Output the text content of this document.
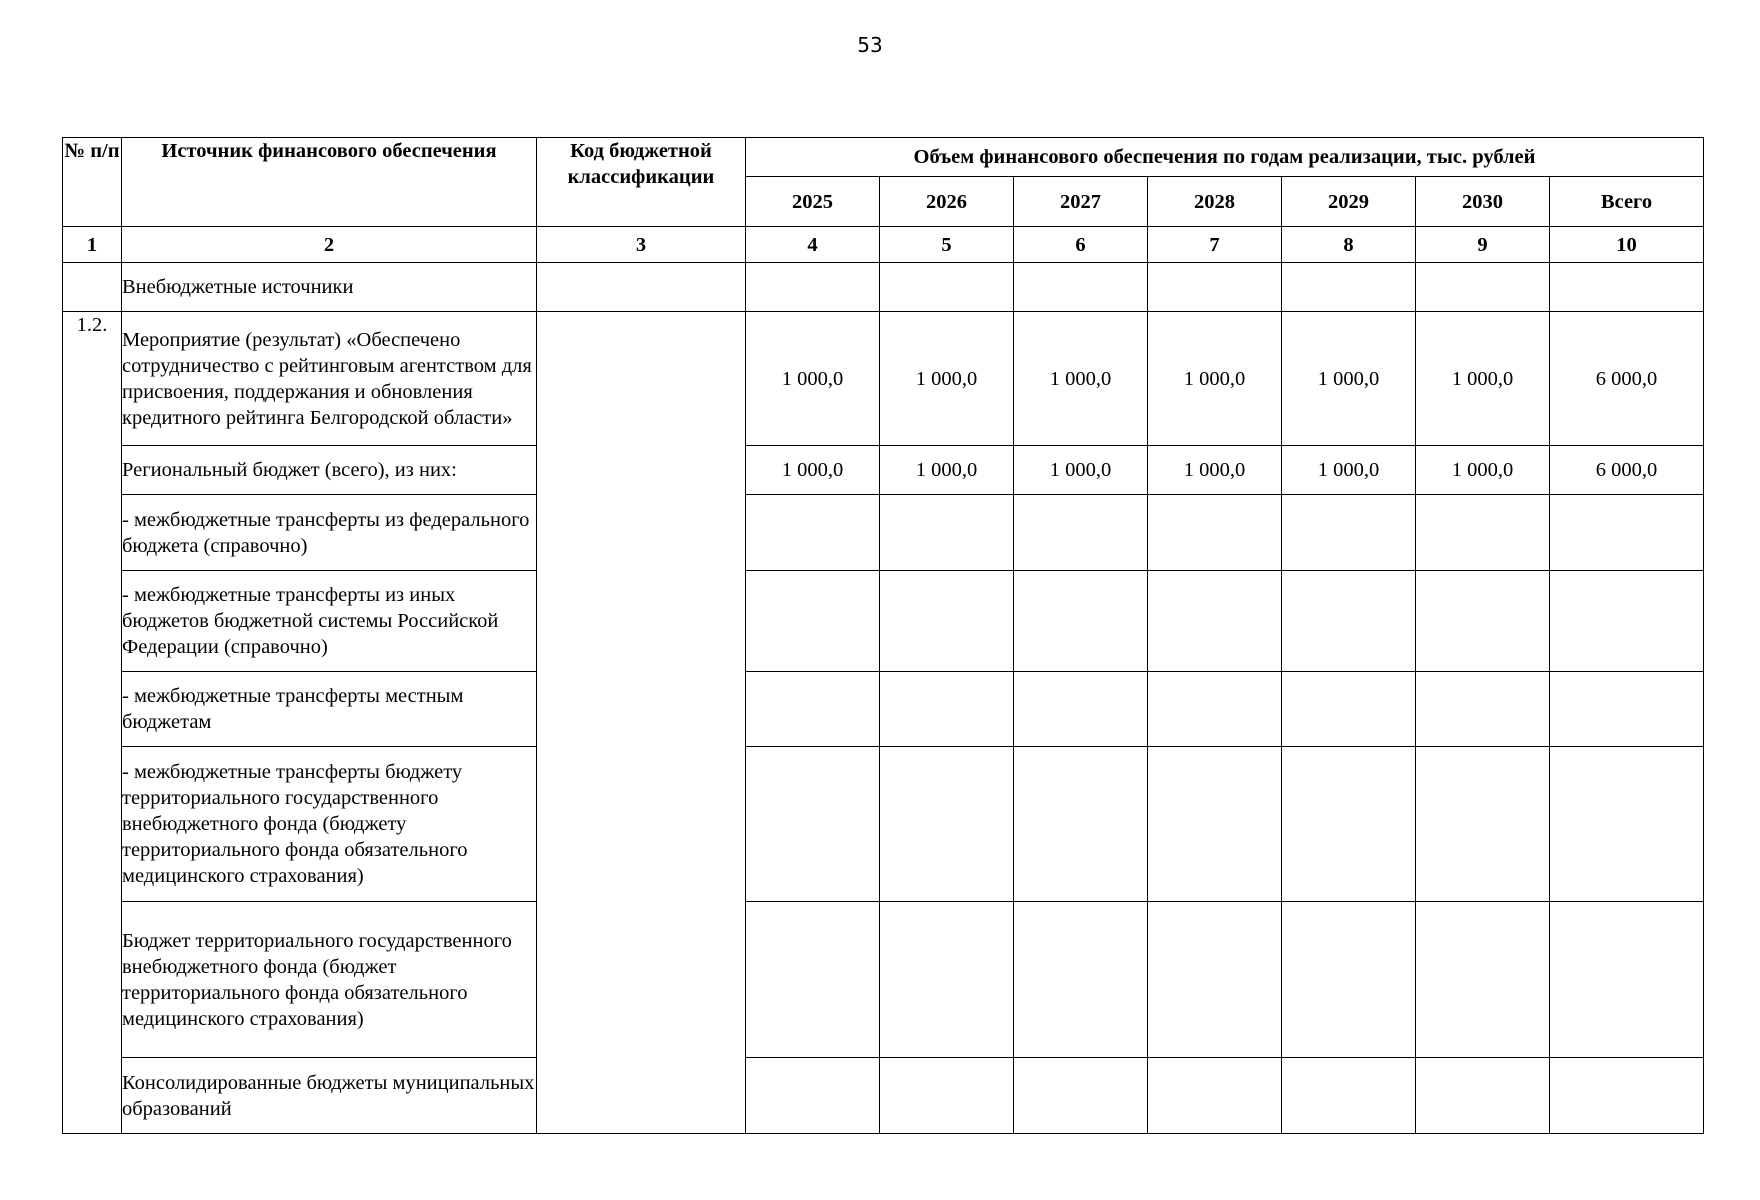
53
№ п/п	Источник финансового обеспечения	Код бюджетной классификации	Объем финансового обеспечения по годам реализации, тыс. рублей						
			2025	2026	2027	2028	2029	2030	Всего
1	2	3	4	5	6	7	8	9	10
	Внебюджетные источники								
1.2.	Мероприятие (результат) «Обеспечено сотрудничество с рейтинговым агентством для присвоения, поддержания и обновления кредитного рейтинга Белгородской области»		1 000,0	1 000,0	1 000,0	1 000,0	1 000,0	1 000,0	6 000,0
	Региональный бюджет (всего), из них:		1 000,0	1 000,0	1 000,0	1 000,0	1 000,0	1 000,0	6 000,0
	- межбюджетные трансферты из федерального бюджета (справочно)								
	- межбюджетные трансферты из иных бюджетов бюджетной системы Российской Федерации (справочно)								
	- межбюджетные трансферты местным бюджетам								
	- межбюджетные трансферты бюджету территориального государственного внебюджетного фонда (бюджету территориального фонда обязательного медицинского страхования)								
	Бюджет территориального государственного внебюджетного фонда (бюджет территориального фонда обязательного медицинского страхования)								
	Консолидированные бюджеты муниципальных образований								
